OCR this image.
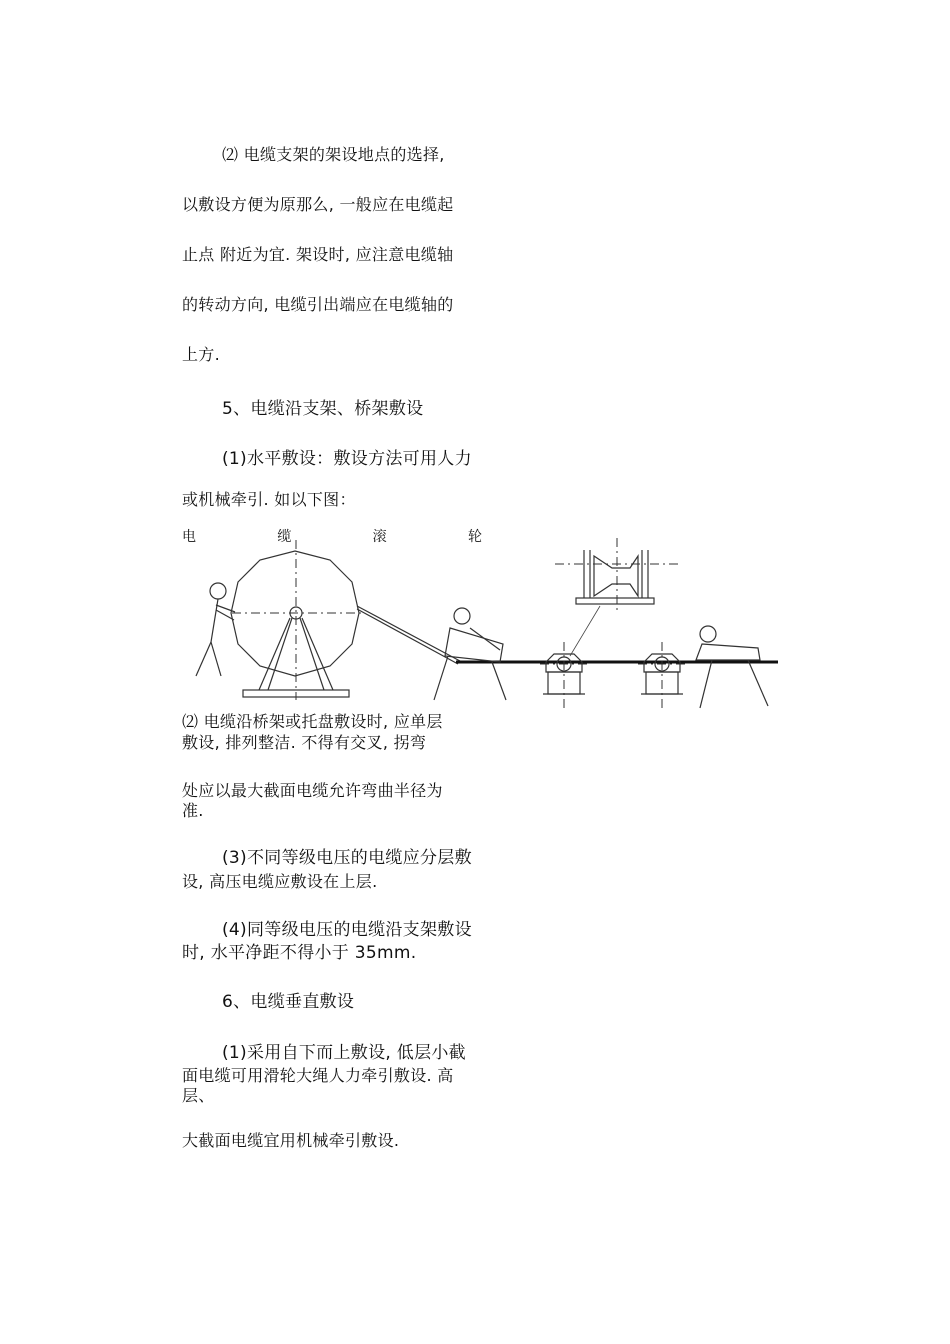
⑵ 电缆支架的架设地点的选择,
以敷设方便为原那么, 一般应在电缆起
止点 附近为宜. 架设时, 应注意电缆轴
的转动方向, 电缆引出端应在电缆轴的
上方.
5、电缆沿支架、桥架敷设
(1)水平敷设：敷设方法可用人力
或机械牵引. 如以下图：
电	缆	滚	轮
⑵ 电缆沿桥架或托盘敷设时, 应单层
敷设, 排列整洁. 不得有交叉, 拐弯
处应以最大截面电缆允许弯曲半径为
准.
(3)不同等级电压的电缆应分层敷
设, 高压电缆应敷设在上层.
(4)同等级电压的电缆沿支架敷设
时, 水平净距不得小于 35mm.
6、电缆垂直敷设
(1)采用自下而上敷设, 低层小截
面电缆可用滑轮大绳人力牵引敷设. 高
层、
大截面电缆宜用机械牵引敷设.
